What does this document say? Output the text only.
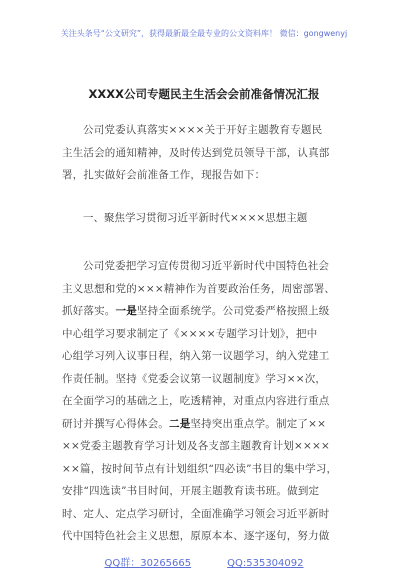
关注头条号“公文研究”，获得最新最全最专业的公文资料库！ 微信：gongwenyj
XXXX公司专题民主生活会会前准备情况汇报
公司党委认真落实××××关于开好主题教育专题民
主生活会的通知精神，及时传达到党员领导干部，认真部
署，扎实做好会前准备工作，现报告如下：
一、聚焦学习贯彻习近平新时代××××思想主题
公司党委把学习宣传贯彻习近平新时代中国特色社会
主义思想和党的×××精神作为首要政治任务，周密部署、
抓好落实。一是坚持全面系统学。公司党委严格按照上级
中心组学习要求制定了《××××专题学习计划》，把中
心组学习列入议事日程，纳入第一议题学习，纳入党建工
作责任制。坚持《党委会议第一议题制度》学习××次，
在全面学习的基础之上，吃透精神，对重点内容进行重点
研讨并撰写心得体会。二是坚持突出重点学。制定了××
××党委主题教育学习计划及各支部主题教育计划××××
××篇，按时间节点有计划组织“四必读”书目的集中学习，
安排“四选读”书目时间，开展主题教育读书班。做到定
时、定人、定点学习研讨，全面准确学习领会习近平新时
代中国特色社会主义思想，原原本本、逐字逐句，努力做
QQ群：30265665	QQ:535304092
